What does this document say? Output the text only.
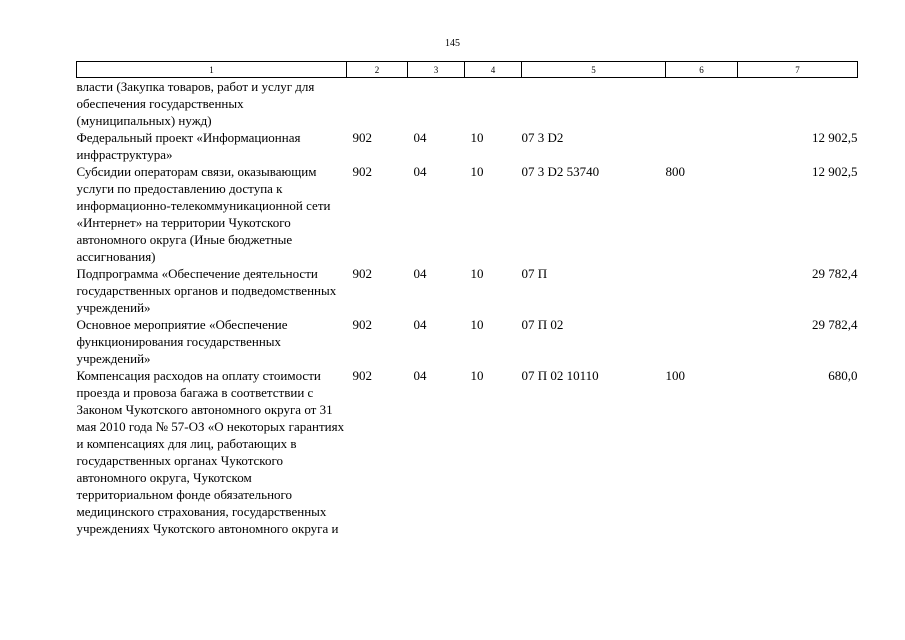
145
1	2	3	4	5	6	7
власти (Закупка товаров, работ и услуг для обеспечения государственных (муниципальных) нужд)						
Федеральный проект «Информационная инфраструктура»	902	04	10	07 3 D2		12 902,5
Субсидии операторам связи, оказывающим услуги по предоставлению доступа к информационно-телекоммуникационной сети «Интернет» на территории Чукотского автономного округа (Иные бюджетные ассигнования)	902	04	10	07 3 D2 53740	800	12 902,5
Подпрограмма «Обеспечение деятельности государственных органов и подведомственных учреждений»	902	04	10	07 П		29 782,4
Основное мероприятие «Обеспечение функционирования государственных учреждений»	902	04	10	07 П 02		29 782,4
Компенсация расходов на оплату стоимости проезда и провоза багажа в соответствии с Законом Чукотского автономного округа от 31 мая 2010 года № 57-ОЗ «О некоторых гарантиях и компенсациях для лиц, работающих в государственных органах Чукотского автономного округа, Чукотском территориальном фонде обязательного медицинского страхования, государственных учреждениях Чукотского автономного округа и	902	04	10	07 П 02 10110	100	680,0
